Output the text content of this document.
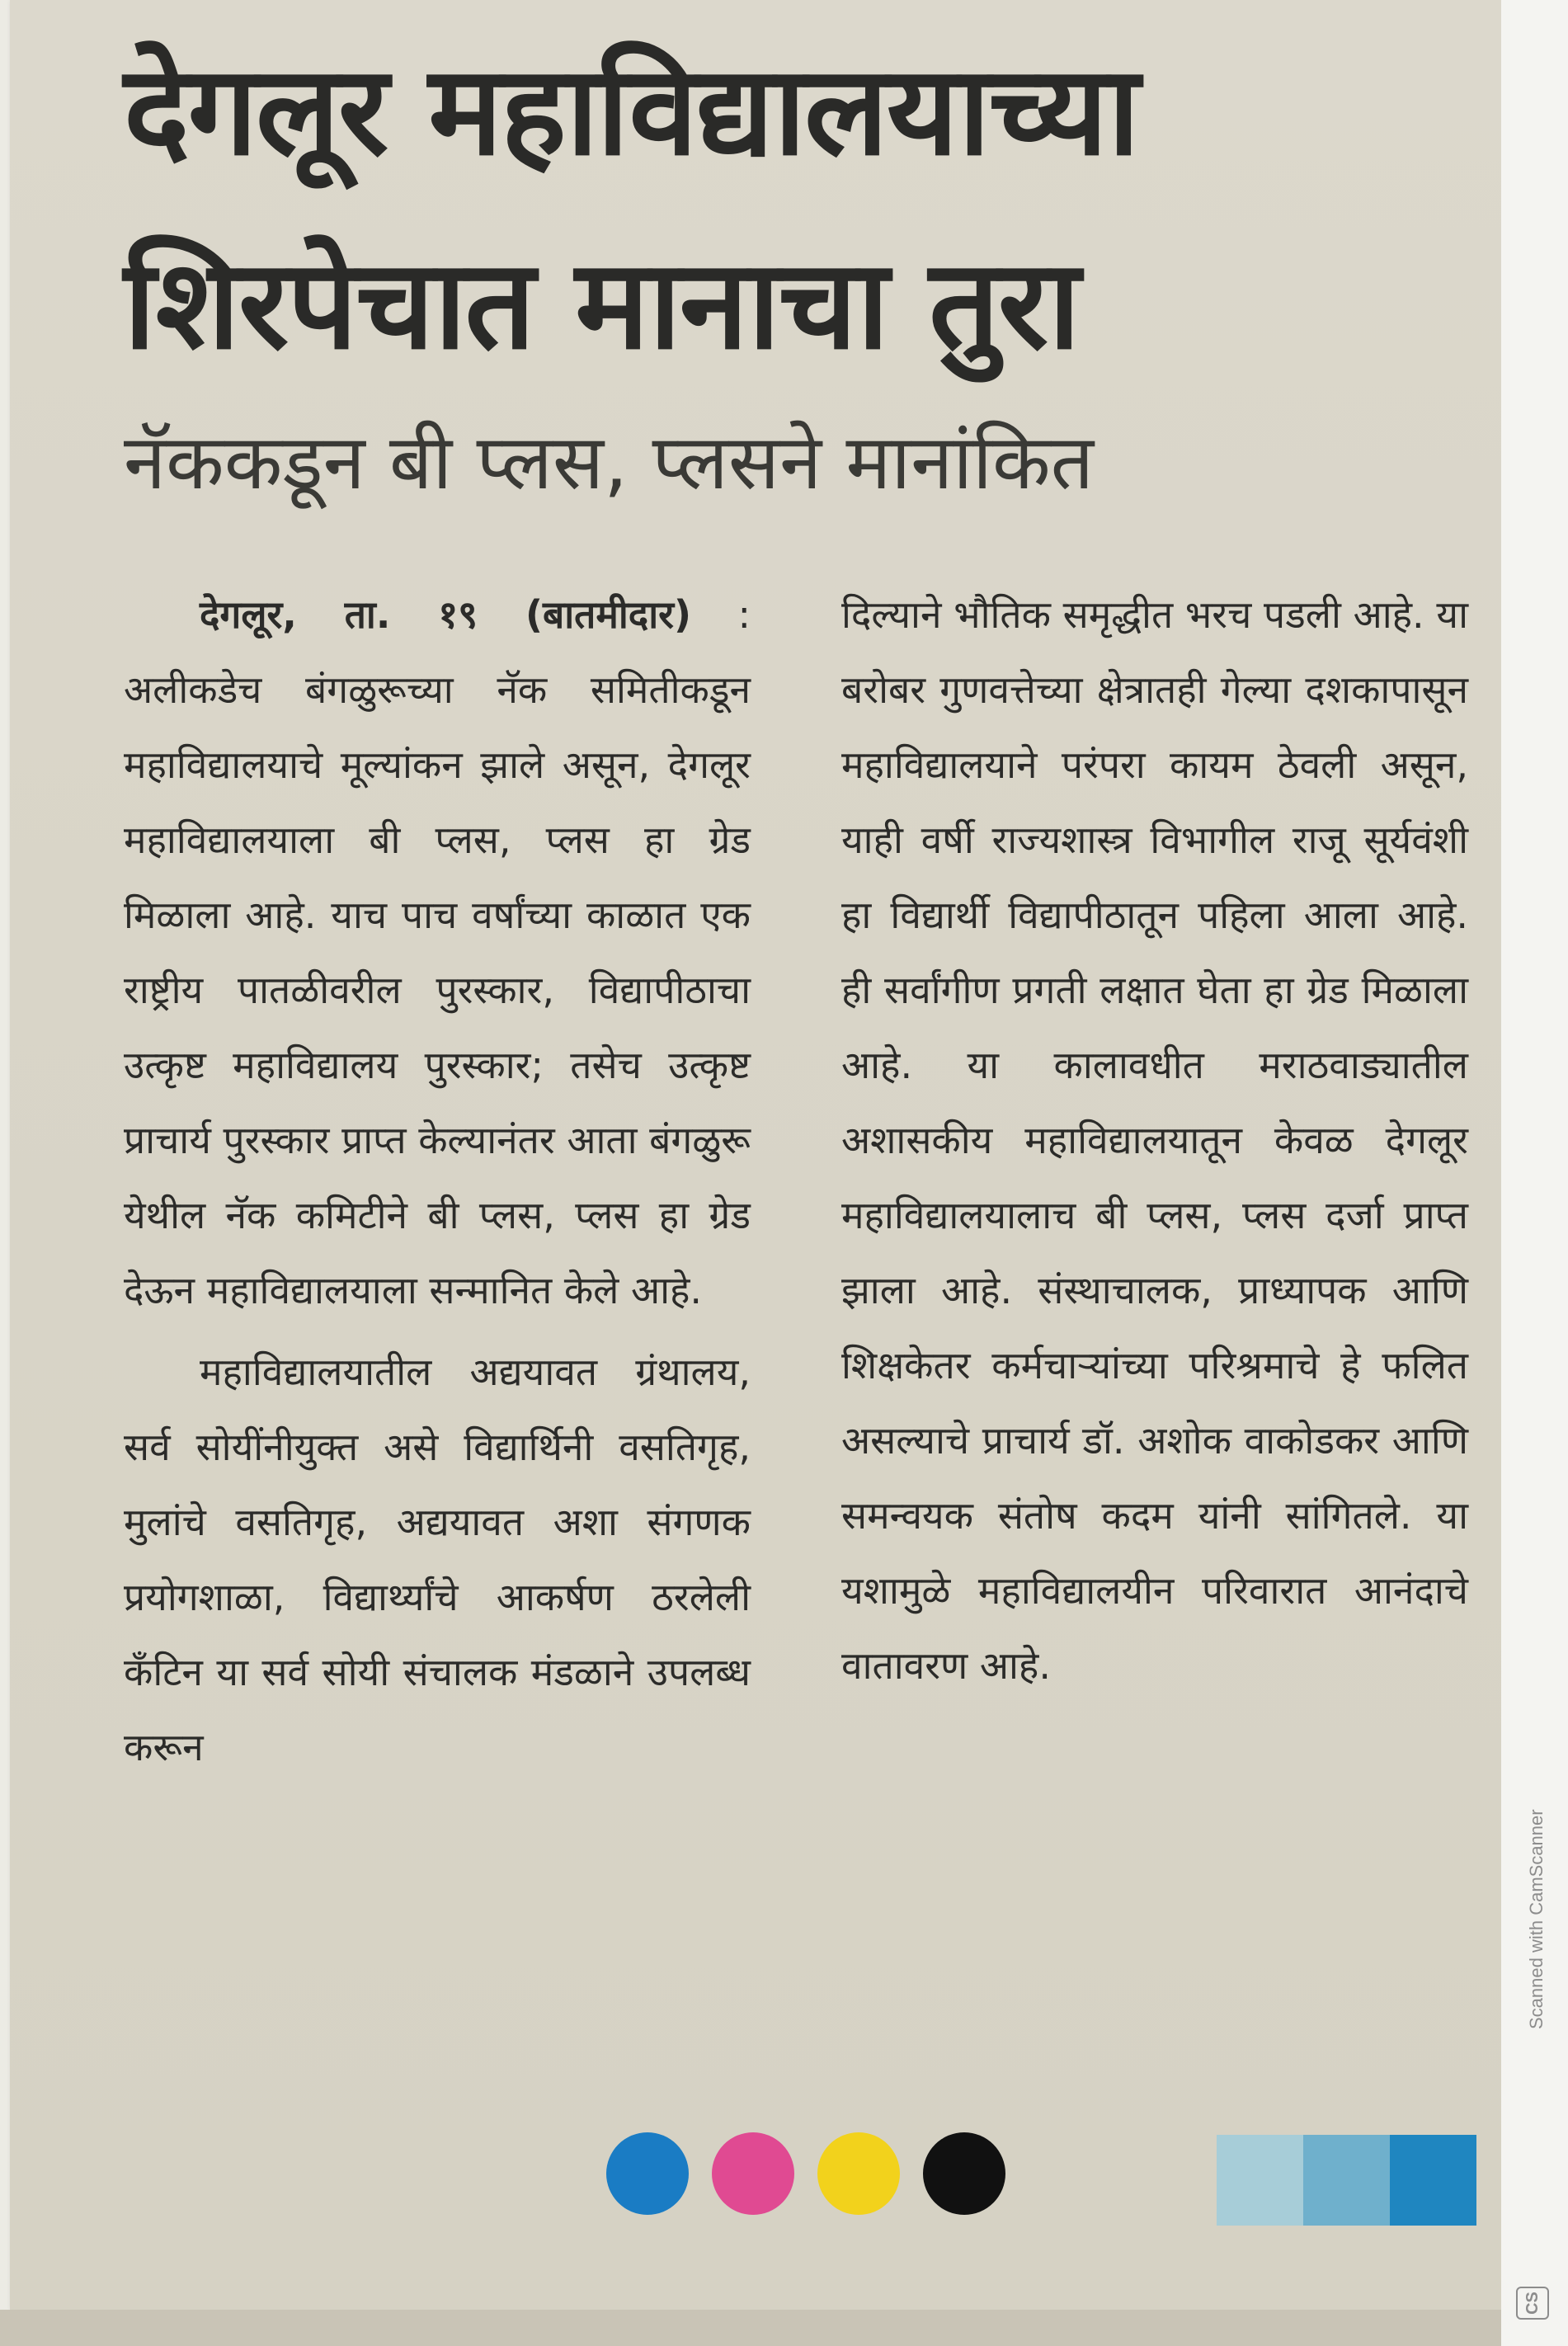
देगलूर महाविद्यालयाच्या
शिरपेचात मानाचा तुरा
नॅककडून बी प्लस, प्लसने मानांकित

देगलूर, ता. १९ (बातमीदार) : अलीकडेच बंगळुरूच्या नॅक समितीकडून महाविद्यालयाचे मूल्यांकन झाले असून, देगलूर महाविद्यालयाला बी प्लस, प्लस हा ग्रेड मिळाला आहे. याच पाच वर्षांच्या काळात एक राष्ट्रीय पातळीवरील पुरस्कार, विद्यापीठाचा उत्कृष्ट महाविद्यालय पुरस्कार; तसेच उत्कृष्ट प्राचार्य पुरस्कार प्राप्त केल्यानंतर आता बंगळुरू येथील नॅक कमिटीने बी प्लस, प्लस हा ग्रेड देऊन महाविद्यालयाला सन्मानित केले आहे.

महाविद्यालयातील अद्ययावत ग्रंथालय, सर्व सोयींनीयुक्त असे विद्यार्थिनी वसतिगृह, मुलांचे वसतिगृह, अद्ययावत अशा संगणक प्रयोगशाळा, विद्यार्थ्यांचे आकर्षण ठरलेली कँटिन या सर्व सोयी संचालक मंडळाने उपलब्ध करून

दिल्याने भौतिक समृद्धीत भरच पडली आहे. या बरोबर गुणवत्तेच्या क्षेत्रातही गेल्या दशकापासून महाविद्यालयाने परंपरा कायम ठेवली असून, याही वर्षी राज्यशास्त्र विभागील राजू सूर्यवंशी हा विद्यार्थी विद्यापीठातून पहिला आला आहे. ही सर्वांगीण प्रगती लक्षात घेता हा ग्रेड मिळाला आहे. या कालावधीत मराठवाड्यातील अशासकीय महाविद्यालयातून केवळ देगलूर महाविद्यालयालाच बी प्लस, प्लस दर्जा प्राप्त झाला आहे. संस्थाचालक, प्राध्यापक आणि शिक्षकेतर कर्मचाऱ्यांच्या परिश्रमाचे हे फलित असल्याचे प्राचार्य डॉ. अशोक वाकोडकर आणि समन्वयक संतोष कदम यांनी सांगितले. या यशामुळे महाविद्यालयीन परिवारात आनंदाचे वातावरण आहे.

Scanned with CamScanner
CS
